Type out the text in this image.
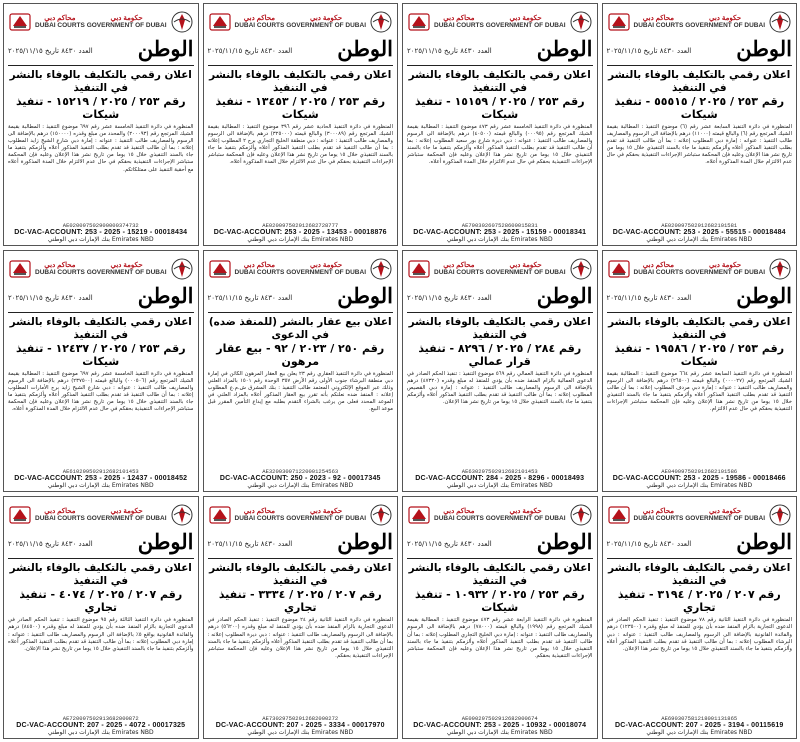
محاكم دبي
DUBAI COURTS
حكومة دبي
GOVERNMENT OF DUBAI
الوطن
العدد ٨٤٣٠ تاريخ ٢٠٢٥/١١/١٥
اعلان رقمي بالتكليف بالوفاء بالنشر في التنفيذ
رقم ٢٥٣ / ٢٠٢٥ / ١٥٢١٩ - تنفيذ شيكات
المنظورة في دائرة التنفيذ الخامسة عشر رقم ٦٩٧ موضوع التنفيذ : المطالبة بقيمة الشيك المرتجع رقم (٢٠٠٠٩٣) والمحدد من مبلغ وقدره (١٥٠٠٠٠) درهم بالإضافة الى الرسوم والمصاريف طالب التنفيذ : عنوانه : إمارة دبي شارع الشيخ زايد المطلوب إعلانه : بما أن طالب التنفيذ قد تقدم بطلب التنفيذ المذكور أعلاه وألزمكم بتنفيذ ما جاء بالسند التنفيذي خلال ١٥ يوما من تاريخ نشر هذا الإعلان وعليه فإن المحكمة ستباشر الإجراءات التنفيذية بحقكم في حال عدم الالتزام خلال المدة المذكورة أعلاه مع أحقية التنفيذ على ممتلكاتكم.
AE020097502900000374732
DC-VAC-ACCOUNT: 253 - 2025 - 15219 - 00018434
بنك الإمارات دبي الوطني Emirates NBD
محاكم دبي
DUBAI COURTS
حكومة دبي
GOVERNMENT OF DUBAI
الوطن
العدد ٨٤٣٠ تاريخ ٢٠٢٥/١١/١٥
اعلان رقمي بالتكليف بالوفاء بالنشر في التنفيذ
رقم ٢٥٣ / ٢٠٢٥ / ١٣٤٥٣ - تنفيذ شيكات
المنظورة في دائرة التنفيذ الحادية عشر رقم ٣٩٦ موضوع التنفيذ : المطالبة بقيمة الشيك المرتجع رقم (٣٠٠٠٨٩) والبالغ قيمته (٣٢٥٠٠٠) درهم بالإضافة الى الرسوم والمصاريف طالب التنفيذ : عنوانه : دبي منطقة الخليج التجاري برج ٢ المطلوب إعلانه : بما أن طالب التنفيذ قد تقدم بطلب التنفيذ المذكور أعلاه وألزمكم بتنفيذ ما جاء بالسند التنفيذي خلال ١٥ يوما من تاريخ نشر هذا الإعلان وعليه فإن المحكمة ستباشر الإجراءات التنفيذية بحقكم في حال عدم الالتزام خلال المدة المذكورة أعلاه.
AE020097502912682728777
DC-VAC-ACCOUNT: 253 - 2025 - 13453 - 00018876
بنك الإمارات دبي الوطني Emirates NBD
محاكم دبي
DUBAI COURTS
حكومة دبي
GOVERNMENT OF DUBAI
الوطن
العدد ٨٤٣٠ تاريخ ٢٠٢٥/١١/١٥
اعلان رقمي بالتكليف بالوفاء بالنشر في التنفيذ
رقم ٢٥٣ / ٢٠٢٥ / ١٥١٥٩ - تنفيذ شيكات
المنظورة في دائرة التنفيذ الخامسة عشر رقم ٤٧٣ موضوع التنفيذ : المطالبة بقيمة الشيك المرتجع رقم (٠٠٠٩٥) والبالغ قيمته (٤٠٥٠٠) درهم بالإضافة الى الرسوم والمصاريف طالب التنفيذ : عنوانه : دبي ديرة شارع بور سعيد المطلوب إعلانه : بما أن طالب التنفيذ قد تقدم بطلب التنفيذ المذكور أعلاه وألزمكم بتنفيذ ما جاء بالسند التنفيذي خلال ١٥ يوما من تاريخ نشر هذا الإعلان وعليه فإن المحكمة ستباشر الإجراءات التنفيذية بحقكم في حال عدم الالتزام خلال المدة المذكورة أعلاه.
AE790302607528600015831
DC-VAC-ACCOUNT: 253 - 2025 - 15159 - 00018341
بنك الإمارات دبي الوطني Emirates NBD
محاكم دبي
DUBAI COURTS
حكومة دبي
GOVERNMENT OF DUBAI
الوطن
العدد ٨٤٣٠ تاريخ ٢٠٢٥/١١/١٥
اعلان رقمي بالتكليف بالوفاء بالنشر في التنفيذ
رقم ٢٥٣ / ٢٠٢٥ / ٥٥٥١٥ - تنفيذ شيكات
المنظورة في دائرة التنفيذ السابعة عشر رقم (٦) موضوع التنفيذ : المطالبة بقيمة الشيك المرتجع رقم (٦) والبالغ قيمته (١١٠٠٠) درهم بالإضافة الى الرسوم والمصاريف طالب التنفيذ : عنوانه : إمارة دبي المطلوب إعلانه : بما أن طالب التنفيذ قد تقدم بطلب التنفيذ المذكور أعلاه وألزمكم بتنفيذ ما جاء بالسند التنفيذي خلال ١٥ يوما من تاريخ نشر هذا الإعلان وعليه فإن المحكمة ستباشر الإجراءات التنفيذية بحقكم في حال عدم الالتزام خلال المدة المذكورة أعلاه.
AE020097502912682101581
DC-VAC-ACCOUNT: 253 - 2025 - 55515 - 00018484
بنك الإمارات دبي الوطني Emirates NBD
محاكم دبي
DUBAI COURTS
حكومة دبي
GOVERNMENT OF DUBAI
الوطن
العدد ٨٤٣٠ تاريخ ٢٠٢٥/١١/١٥
اعلان رقمي بالتكليف بالوفاء بالنشر في التنفيذ
رقم ٢٥٣ / ٢٠٢٥ / ١٢٤٣٧ - تنفيذ شيكات
المنظورة في دائرة التنفيذ الخامسة عشر رقم ٦٩٧ موضوع التنفيذ : المطالبة بقيمة الشيك المرتجع رقم (٠٠٠٥٠٦) والبالغ قيمته (٢٣٧٥٠٠) درهم بالإضافة الى الرسوم والمصاريف طالب التنفيذ : عنوانه : دبي شارع الشيخ زايد برج الأمارات المطلوب إعلانه : بما أن طالب التنفيذ قد تقدم بطلب التنفيذ المذكور أعلاه وألزمكم بتنفيذ ما جاء بالسند التنفيذي خلال ١٥ يوما من تاريخ نشر هذا الإعلان وعليه فإن المحكمة ستباشر الإجراءات التنفيذية بحقكم في حال عدم الالتزام خلال المدة المذكورة أعلاه.
AE610299502912682101453
DC-VAC-ACCOUNT: 253 - 2025 - 12437 - 00018452
بنك الإمارات دبي الوطني Emirates NBD
محاكم دبي
DUBAI COURTS
حكومة دبي
GOVERNMENT OF DUBAI
الوطن
العدد ٨٤٣٠ تاريخ ٢٠٢٥/١١/١٥
اعلان بيع عقار بالنشر (للمنفذ ضده) في الدعوى
رقم ٢٥٠ / ٢٠٢٣ / ٩٢ - بيع عقار مرهون
المنظورة في دائرة التنفيذ العقاري رقم ٢٣ يعلن بيع العقار المرهون الكائن في إمارة دبي منطقة البرشاء جنوب الأولى رقم الأرض ٣٥٧ الوحدة رقم ١٥٠١ بالمزاد العلني وذلك عبر الموقع الإلكتروني المعتمد طالب التنفيذ : بنك المشرق ش.م.ع المطلوب إعلانه : المنفذ ضده نعلنكم بأنه تقرر بيع العقار المذكور أعلاه بالمزاد العلني في الموعد المحدد فعلى من يرغب بالشراء التقدم بطلبه مع إيداع التأمين المقرر قبل موعد البيع.
AE320030071220001254563
DC-VAC-ACCOUNT: 250 - 2023 - 92 - 00017345
بنك الإمارات دبي الوطني Emirates NBD
محاكم دبي
DUBAI COURTS
حكومة دبي
GOVERNMENT OF DUBAI
الوطن
العدد ٨٤٣٠ تاريخ ٢٠٢٥/١١/١٥
اعلان رقمي بالتكليف بالوفاء بالنشر في التنفيذ
رقم ٢٨٤ / ٢٠٢٥ / ٨٢٩٦ - تنفيذ قرار عمالي
المنظورة في دائرة التنفيذ العمالي رقم ٥٦٩ موضوع التنفيذ : تنفيذ الحكم الصادر في الدعوى العمالية بالزام المنفذ ضده بأن يؤدي للمنفذ له مبلغ وقدره (٤٧٣٢٠) درهم بالإضافة الى الرسوم والمصاريف طالب التنفيذ : عنوانه : إمارة دبي القصيص المطلوب إعلانه : بما أن طالب التنفيذ قد تقدم بطلب التنفيذ المذكور أعلاه وألزمكم بتنفيذ ما جاء بالسند التنفيذي خلال ١٥ يوما من تاريخ نشر هذا الإعلان.
AE630297502912682101453
DC-VAC-ACCOUNT: 284 - 2025 - 8296 - 00018493
بنك الإمارات دبي الوطني Emirates NBD
محاكم دبي
DUBAI COURTS
حكومة دبي
GOVERNMENT OF DUBAI
الوطن
العدد ٨٤٣٠ تاريخ ٢٠٢٥/١١/١٥
اعلان رقمي بالتكليف بالوفاء بالنشر في التنفيذ
رقم ٢٥٣ / ٢٠٢٥ / ١٩٥٨٦ - تنفيذ شيكات
المنظورة في دائرة التنفيذ السابعة عشر رقم ٦٦٤ موضوع التنفيذ : المطالبة بقيمة الشيك المرتجع رقم (٠٠٠٠٢٧) والبالغ قيمته (٢٦٥٠٠) درهم بالإضافة الى الرسوم والمصاريف طالب التنفيذ : عنوانه : إمارة دبي مردف المطلوب إعلانه : بما أن طالب التنفيذ قد تقدم بطلب التنفيذ المذكور أعلاه وألزمكم بتنفيذ ما جاء بالسند التنفيذي خلال ١٥ يوما من تاريخ نشر هذا الإعلان وعليه فإن المحكمة ستباشر الإجراءات التنفيذية بحقكم في حال عدم الالتزام.
AE040097502912682101586
DC-VAC-ACCOUNT: 253 - 2025 - 19586 - 00018466
بنك الإمارات دبي الوطني Emirates NBD
محاكم دبي
DUBAI COURTS
حكومة دبي
GOVERNMENT OF DUBAI
الوطن
العدد ٨٤٣٠ تاريخ ٢٠٢٥/١١/١٥
اعلان رقمي بالتكليف بالوفاء بالنشر في التنفيذ
رقم ٢٠٧ / ٢٠٢٥ / ٤٠٧٤ - تنفيذ تجاري
المنظورة في دائرة التنفيذ الثالثة رقم ٩٥ موضوع التنفيذ : تنفيذ الحكم الصادر في الدعوى التجارية بالزام المنفذ ضده بأن يؤدي للمنفذ له مبلغ وقدره (٨٤٥٠٠) درهم والفائدة القانونية بواقع ٥٪ بالإضافة الى الرسوم والمصاريف طالب التنفيذ : عنوانه : إمارة دبي المطلوب إعلانه : بما أن طالب التنفيذ قد تقدم بطلب التنفيذ المذكور أعلاه وألزمكم بتنفيذ ما جاء بالسند التنفيذي خلال ١٥ يوما من تاريخ نشر هذا الإعلان.
AE720097502913682000872
DC-VAC-ACCOUNT: 207 - 2025 - 4072 - 00017325
بنك الإمارات دبي الوطني Emirates NBD
محاكم دبي
DUBAI COURTS
حكومة دبي
GOVERNMENT OF DUBAI
الوطن
العدد ٨٤٣٠ تاريخ ٢٠٢٥/١١/١٥
اعلان رقمي بالتكليف بالوفاء بالنشر في التنفيذ
رقم ٢٠٧ / ٢٠٢٥ / ٣٣٣٤ - تنفيذ تجاري
المنظورة في دائرة التنفيذ الثانية رقم ٢٤ موضوع التنفيذ : تنفيذ الحكم الصادر في الدعوى التجارية بالزام المنفذ ضده بأن يؤدي للمنفذ له مبلغ وقدره (٥٦٢٠٠) درهم بالإضافة الى الرسوم والمصاريف طالب التنفيذ : عنوانه : دبي ديرة المطلوب إعلانه : بما أن طالب التنفيذ قد تقدم بطلب التنفيذ المذكور أعلاه وألزمكم بتنفيذ ما جاء بالسند التنفيذي خلال ١٥ يوما من تاريخ نشر هذا الإعلان وعليه فإن المحكمة ستباشر الإجراءات التنفيذية بحقكم.
AE730297502912682000272
DC-VAC-ACCOUNT: 207 - 2025 - 3334 - 00017970
بنك الإمارات دبي الوطني Emirates NBD
محاكم دبي
DUBAI COURTS
حكومة دبي
GOVERNMENT OF DUBAI
الوطن
العدد ٨٤٣٠ تاريخ ٢٠٢٥/١١/١٥
اعلان رقمي بالتكليف بالوفاء بالنشر في التنفيذ
رقم ٢٥٣ / ٢٠٢٥ / ١٠٩٣٢ - تنفيذ شيكات
المنظورة في دائرة التنفيذ الرابعة عشر رقم ٤٧٣ موضوع التنفيذ : المطالبة بقيمة الشيك المرتجع رقم (١٩٩٨) والبالغ قيمته (٧٨٠٠٠) درهم بالإضافة الى الرسوم والمصاريف طالب التنفيذ : عنوانه : إمارة دبي الخليج التجاري المطلوب إعلانه : بما أن طالب التنفيذ قد تقدم بطلب التنفيذ المذكور أعلاه وألزمكم بتنفيذ ما جاء بالسند التنفيذي خلال ١٥ يوما من تاريخ نشر هذا الإعلان وعليه فإن المحكمة ستباشر الإجراءات التنفيذية بحقكم.
AE090297502912682000674
DC-VAC-ACCOUNT: 253 - 2025 - 10932 - 00018074
بنك الإمارات دبي الوطني Emirates NBD
محاكم دبي
DUBAI COURTS
حكومة دبي
GOVERNMENT OF DUBAI
الوطن
العدد ٨٤٣٠ تاريخ ٢٠٢٥/١١/١٥
اعلان رقمي بالتكليف بالوفاء بالنشر في التنفيذ
رقم ٢٠٧ / ٢٠٢٥ / ٣١٩٤ - تنفيذ تجاري
المنظورة في دائرة التنفيذ الثانية رقم ٧٨ موضوع التنفيذ : تنفيذ الحكم الصادر في الدعوى التجارية بالزام المنفذ ضده بأن يؤدي للمنفذ له مبلغ وقدره (١٢٣٥٠٠) درهم والفائدة القانونية بالإضافة الى الرسوم والمصاريف طالب التنفيذ : عنوانه : دبي البرشاء المطلوب إعلانه : بما أن طالب التنفيذ قد تقدم بطلب التنفيذ المذكور أعلاه وألزمكم بتنفيذ ما جاء بالسند التنفيذي خلال ١٥ يوما من تاريخ نشر هذا الإعلان.
AE690307581218001131865
DC-VAC-ACCOUNT: 207 - 2025 - 3194 - 00115619
بنك الإمارات دبي الوطني Emirates NBD
